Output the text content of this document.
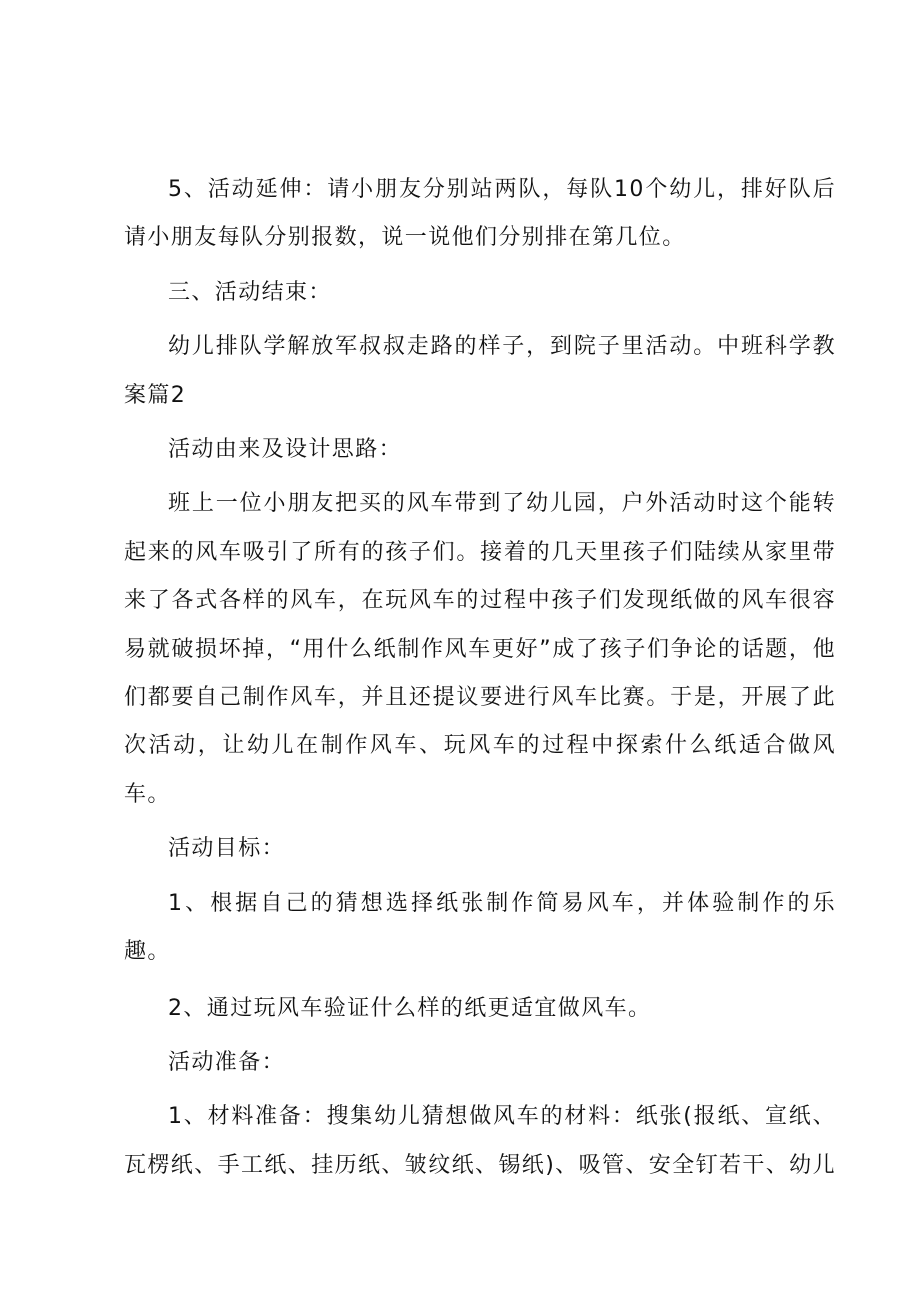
5、活动延伸：请小朋友分别站两队，每队10个幼儿，排好队后请小朋友每队分别报数，说一说他们分别排在第几位。

三、活动结束：

幼儿排队学解放军叔叔走路的样子，到院子里活动。中班科学教案篇2

活动由来及设计思路：

班上一位小朋友把买的风车带到了幼儿园，户外活动时这个能转起来的风车吸引了所有的孩子们。接着的几天里孩子们陆续从家里带来了各式各样的风车，在玩风车的过程中孩子们发现纸做的风车很容易就破损坏掉，“用什么纸制作风车更好”成了孩子们争论的话题，他们都要自己制作风车，并且还提议要进行风车比赛。于是，开展了此次活动，让幼儿在制作风车、玩风车的过程中探索什么纸适合做风车。

活动目标：

1、根据自己的猜想选择纸张制作简易风车，并体验制作的乐趣。

2、通过玩风车验证什么样的纸更适宜做风车。

活动准备：

1、材料准备：搜集幼儿猜想做风车的材料：纸张(报纸、宣纸、瓦楞纸、手工纸、挂历纸、皱纹纸、锡纸)、吸管、安全钉若干、幼儿
